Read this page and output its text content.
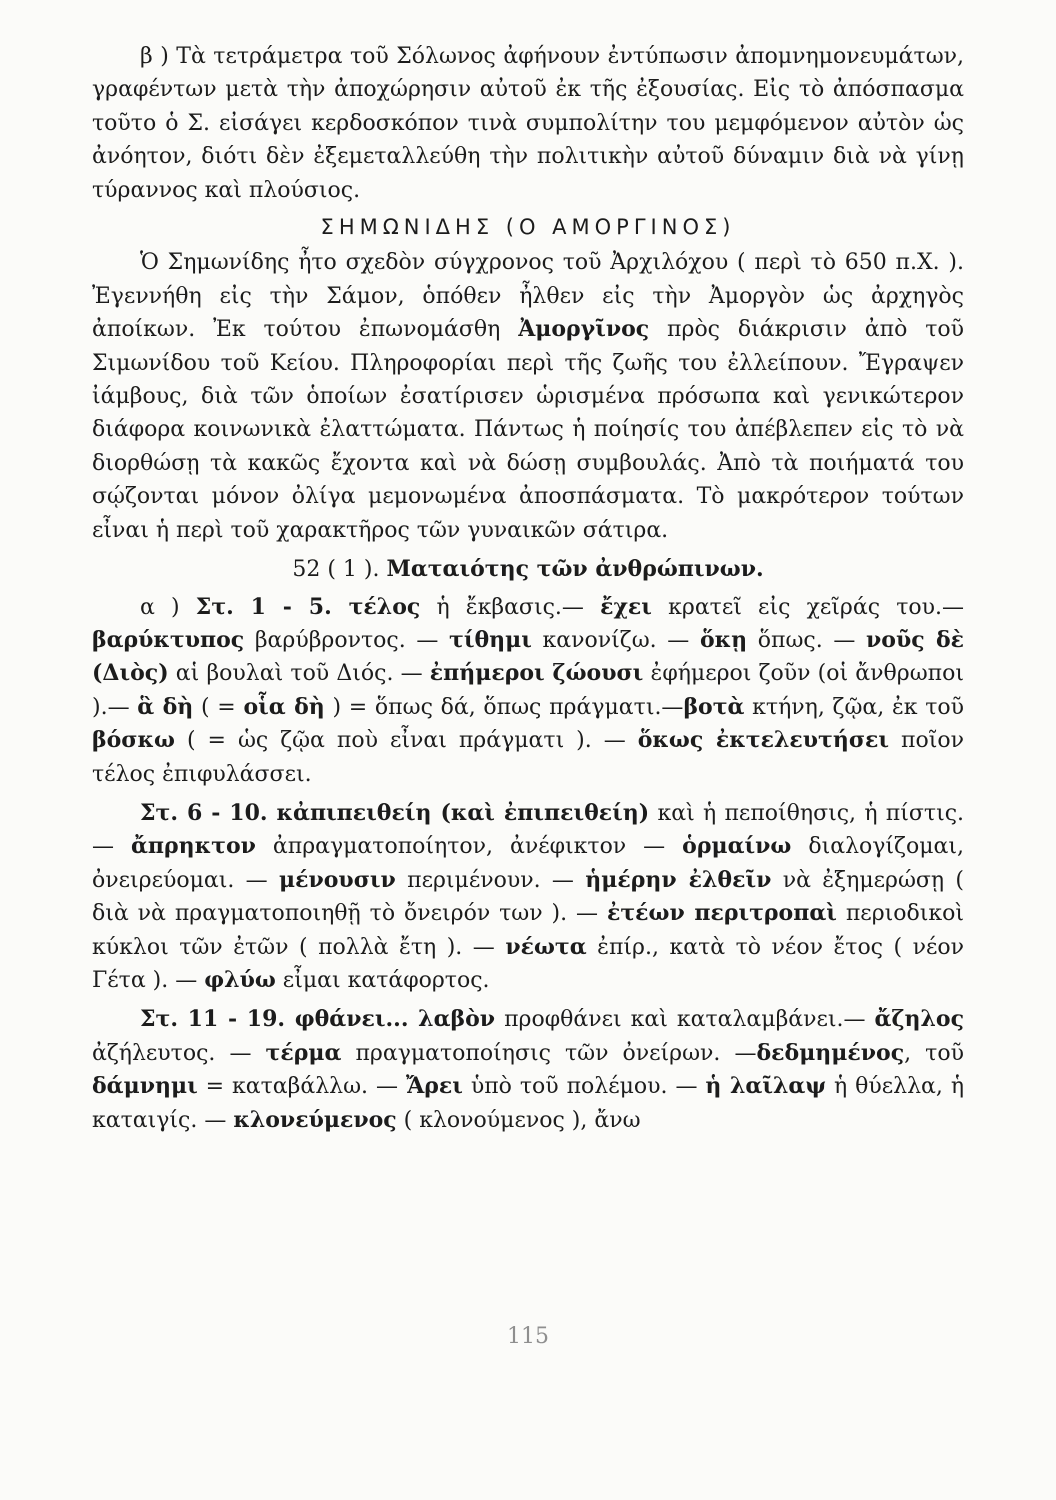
β ) Τὰ τετράμετρα τοῦ Σόλωνος ἀφήνουν ἐντύπωσιν ἀπομνημονευμάτων, γραφέντων μετὰ τὴν ἀποχώρησιν αὐτοῦ ἐκ τῆς ἐξουσίας. Εἰς τὸ ἀπόσπασμα τοῦτο ὁ Σ. εἰσάγει κερδοσκόπον τινὰ συμπολίτην του μεμφόμενον αὐτὸν ὡς ἀνόητον, διότι δὲν ἐξεμεταλλεύθη τὴν πολιτικὴν αὐτοῦ δύναμιν διὰ νὰ γίνῃ τύραννος καὶ πλούσιος.

ΣΗΜΩΝΙΔΗΣ (Ο ΑΜΟΡΓΙΝΟΣ)

Ὁ Σημωνίδης ἦτο σχεδὸν σύγχρονος τοῦ Ἀρχιλόχου ( περὶ τὸ 650 π.Χ. ). Ἐγεννήθη εἰς τὴν Σάμον, ὁπόθεν ἦλθεν εἰς τὴν Ἀμοργὸν ὡς ἀρχηγὸς ἀποίκων. Ἐκ τούτου ἐπωνομάσθη Ἀμοργῖνος πρὸς διάκρισιν ἀπὸ τοῦ Σιμωνίδου τοῦ Κείου. Πληροφορίαι περὶ τῆς ζωῆς του ἐλλείπουν. Ἔγραψεν ἰάμβους, διὰ τῶν ὁποίων ἐσατίρισεν ὡρισμένα πρόσωπα καὶ γενικώτερον διάφορα κοινωνικὰ ἐλαττώματα. Πάντως ἡ ποίησίς του ἀπέβλεπεν εἰς τὸ νὰ διορθώσῃ τὰ κακῶς ἔχοντα καὶ νὰ δώσῃ συμβουλάς. Ἀπὸ τὰ ποιήματά του σῴζονται μόνον ὀλίγα μεμονωμένα ἀποσπάσματα. Τὸ μακρότερον τούτων εἶναι ἡ περὶ τοῦ χαρακτῆρος τῶν γυναικῶν σάτιρα.

52 ( 1 ). Ματαιότης τῶν ἀνθρώπινων.

α ) Στ. 1 - 5. τέλος ἡ ἔκβασις.— ἔχει κρατεῖ εἰς χεῖράς του.—βαρύκτυπος βαρύβροντος. — τίθημι κανονίζω. — ὅκῃ ὅπως. — νοῦς δὲ (Διὸς) αἱ βουλαὶ τοῦ Διός. — ἐπήμεροι ζώουσι ἐφήμεροι ζοῦν (οἱ ἄνθρωποι ).— ἃ δὴ ( = οἷα δὴ ) = ὅπως δά, ὅπως πράγματι.—βοτὰ κτήνη, ζῷα, ἐκ τοῦ βόσκω ( = ὡς ζῷα ποὺ εἶναι πράγματι ). — ὅκως ἐκτελευτήσει ποῖον τέλος ἐπιφυλάσσει.

Στ. 6 - 10. κἀπιπειθείη (καὶ ἐπιπειθείη) καὶ ἡ πεποίθησις, ἡ πίστις. — ἄπρηκτον ἀπραγματοποίητον, ἀνέφικτον — ὁρμαίνω διαλογίζομαι, ὀνειρεύομαι. — μένουσιν περιμένουν. — ἡμέρην ἐλθεῖν νὰ ἐξημερώσῃ ( διὰ νὰ πραγματοποιηθῇ τὸ ὄνειρόν των ). — ἐτέων περιτροπαὶ περιοδικοὶ κύκλοι τῶν ἐτῶν ( πολλὰ ἔτη ). — νέωτα ἐπίρ., κατὰ τὸ νέον ἔτος ( νέον Γέτα ). — φλύω εἶμαι κατάφορτος.

Στ. 11 - 19. φθάνει... λαβὸν προφθάνει καὶ καταλαμβάνει.— ἄζηλος ἀζήλευτος. — τέρμα πραγματοποίησις τῶν ὀνείρων. —δεδμημένος, τοῦ δάμνημι = καταβάλλω. — Ἄρει ὑπὸ τοῦ πολέμου. — ἡ λαῖλαψ ἡ θύελλα, ἡ καταιγίς. — κλονεύμενος ( κλονούμενος ), ἄνω

115
